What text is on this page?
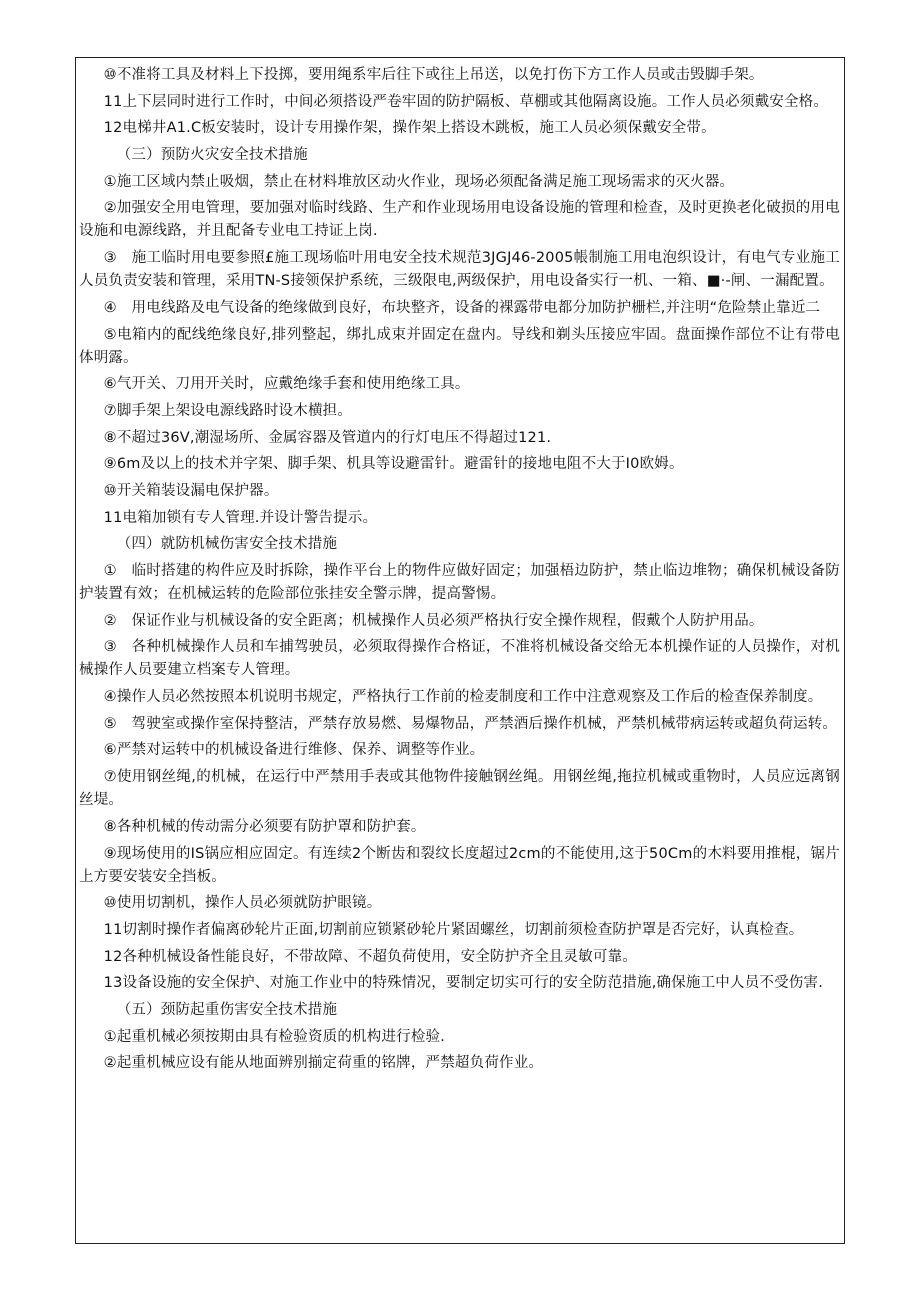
⑩不准将工具及材料上下投掷，要用绳系牢后往下或往上吊送，以免打伤下方工作人员或击毁脚手架。

11上下层同时进行工作时，中间必须搭设严卷牢固的防护隔板、草棚或其他隔离设施。工作人员必须戴安全格。

12电梯井A1.C板安装时，设计专用操作架，操作架上搭设木跳板，施工人员必须保戴安全带。

（三）预防火灾安全技术措施

①施工区域内禁止吸烟，禁止在材料堆放区动火作业，现场必须配备满足施工现场需求的灭火器。

②加强安全用电管理，要加强对临时线路、生产和作业现场用电设备设施的管理和检查，及时更换老化破损的用电设施和电源线路，并且配备专业电工持证上岗.

③　施工临时用电要参照£施工现场临叶用电安全技术规范3JGJ46-2005帳制施工用电泡织设计，有电气专业施工人员负责安装和管理，采用TN-S接领保护系统，三级限电,两级保护，用电设备实行一机、一箱、■·-闸、一漏配置。

④　用电线路及电气设备的绝缘做到良好，布块整齐，设备的裸露带电都分加防护栅栏,并注明“危险禁止靠近二

⑤电箱内的配线绝缘良好,排列整起，绑扎成束并固定在盘内。导线和剃头压接应牢固。盘面操作部位不让有带电体明露。

⑥气开关、刀用开关时，应戴绝缘手套和使用绝缘工具。

⑦脚手架上架设电源线路时设木横担。

⑧不超过36V,潮湿场所、金属容器及管道内的行灯电压不得超过121.

⑨6m及以上的技术并字架、脚手架、机具等设避雷针。避雷针的接地电阻不大于I0欧姆。

⑩开关箱装设漏电保护器。

11电箱加锁有专人管理.并设计警告提示。

（四）就防机械伤害安全技术措施

①　临时搭建的构件应及时拆除，操作平台上的物件应做好固定；加强梧边防护，禁止临边堆物；确保机械设备防护装置有效；在机械运转的危险部位张挂安全警示牌，提高警惕。

②　保证作业与机械设备的安全距离；机械操作人员必须严格执行安全操作规程，假戴个人防护用品。

③　各种机械操作人员和车捕驾驶员，必须取得操作合格证，不准将机械设备交给无本机操作证的人员操作，对机械操作人员要建立档案专人管理。

④操作人员必然按照本机说明书规定，严格执行工作前的检麦制度和工作中注意观察及工作后的检查保养制度。

⑤　驾驶室或操作室保持整洁，严禁存放易燃、易爆物品，严禁酒后操作机械，严禁机械带病运转或超负荷运转。

⑥严禁对运转中的机械设备进行维修、保养、调整等作业。

⑦使用钢丝绳,的机械，在运行中严禁用手表或其他物件接触钢丝绳。用钢丝绳,拖拉机械或重物时，人员应远离钢丝堤。

⑧各种机械的传动需分必须要有防护罩和防护套。

⑨现场使用的IS锅应相应固定。有连续2个断齿和裂纹长度超过2cm的不能使用,这于50Cm的木料要用推棍，锯片上方要安装安全挡板。

⑩使用切割机，操作人员必须就防护眼镜。

11切割时操作者偏离砂轮片正面,切割前应锁紧砂轮片紧固螺丝，切割前须检查防护罩是否完好，认真检查。

12各种机械设备性能良好，不带故障、不超负荷使用，安全防护齐全且灵敏可靠。

13设备设施的安全保护、对施工作业中的特殊情况，要制定切实可行的安全防范措施,确保施工中人员不受伤害.

（五）颈防起重伤害安全技术措施

①起重机械必须按期由具有检验资质的机构进行检验.

②起重机械应设有能从地面辨别揃定荷重的铭牌，严禁超负荷作业。
